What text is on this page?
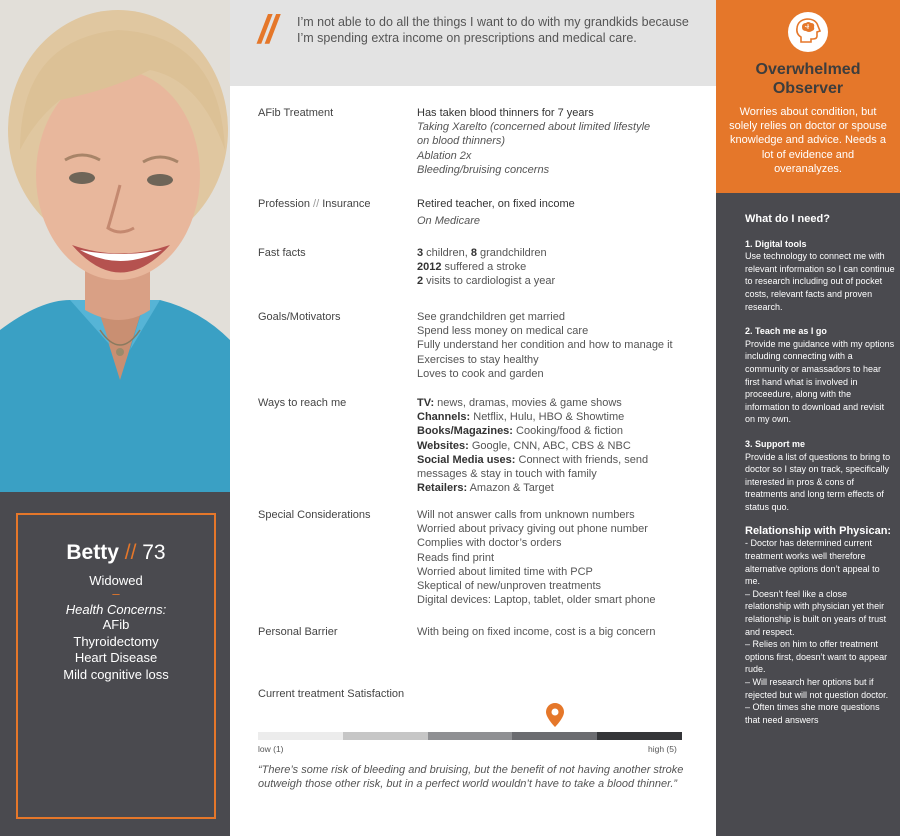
Betty // 73
Widowed
–
Health Concerns:
AFib
Thyroidectomy
Heart Disease
Mild cognitive loss
// I’m not able to do all the things I want to do with my grandkids because I’m spending extra income on prescriptions and medical care.
AFib Treatment	Has taken blood thinners for 7 years
Taking Xarelto (concerned about limited lifestyle
on blood thinners)
Ablation 2x
Bleeding/bruising concerns
Profession // Insurance	Retired teacher, on fixed income
On Medicare
Fast facts	3 children, 8 grandchildren
2012 suffered a stroke
2 visits to cardiologist a year
Goals/Motivators	See grandchildren get married
Spend less money on medical care
Fully understand her condition and how to manage it
Exercises to stay healthy
Loves to cook and garden
Ways to reach me	TV: news, dramas, movies & game shows
Channels: Netflix, Hulu, HBO & Showtime
Books/Magazines: Cooking/food & fiction
Websites: Google, CNN, ABC, CBS & NBC
Social Media uses: Connect with friends, send messages & stay in touch with family
Retailers: Amazon & Target
Special Considerations	Will not answer calls from unknown numbers
Worried about privacy giving out phone number
Complies with doctor’s orders
Reads find print
Worried about limited time with PCP
Skeptical of new/unproven treatments
Digital devices: Laptop, tablet, older smart phone
Personal Barrier	With being on fixed income, cost is a big concern
Current treatment Satisfaction
low (1)	high (5)
“There’s some risk of bleeding and bruising, but the benefit of not having another stroke outweigh those other risk, but in a perfect world wouldn’t have to take a blood thinner.”
Overwhelmed
Observer
Worries about condition, but solely relies on doctor or spouse knowledge and advice. Needs a lot of evidence and overanalyzes.
What do I need?
1. Digital tools
Use technology to connect me with relevant information so I can continue to research including out of pocket costs, relevant facts and proven research.
2. Teach me as I go
Provide me guidance with my options including connecting with a community or amassadors to hear first hand what is involved in proceedure, along with the information to download and revisit on my own.
3. Support me
Provide a list of questions to bring to doctor so I stay on track, specifically interested in pros & cons of treatments and long term effects of status quo.
Relationship with Physican:
- Doctor has determined current treatment works well therefore alternative options don’t appeal to me.
– Doesn’t feel like a close relationship with physician yet their relationship is built on years of trust and respect.
– Relies on him to offer treatment options first, doesn’t want to appear rude.
– Will research her options but if rejected but will not question doctor.
– Often times she more questions that need answers
